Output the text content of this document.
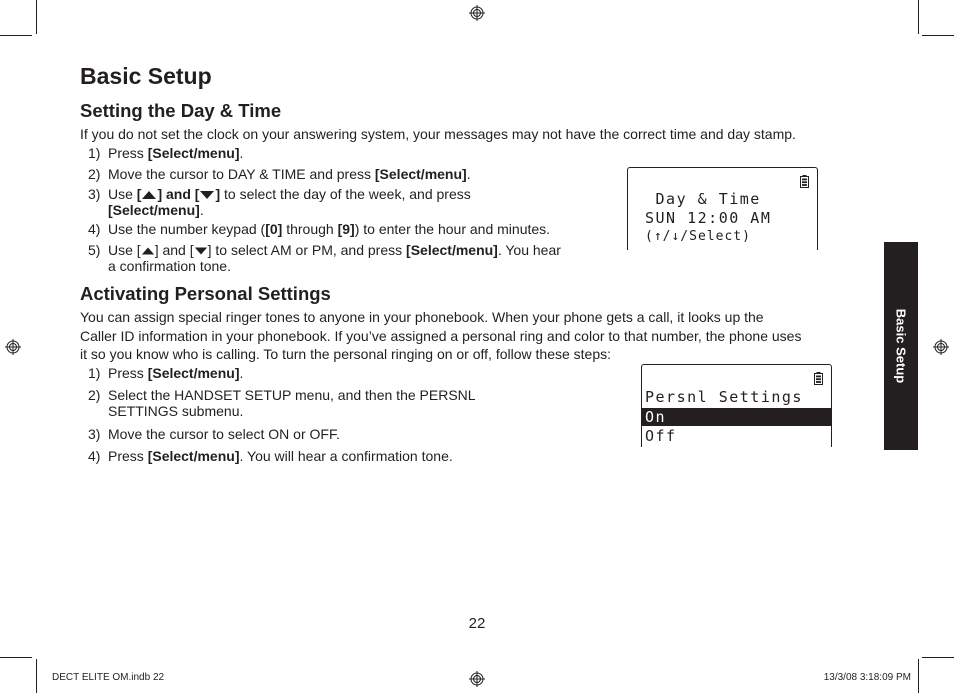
Basic Setup
Setting the Day & Time

If you do not set the clock on your answering system, your messages may not have the correct time and day stamp.

1) Press [Select/menu].
2) Move the cursor to DAY & TIME and press [Select/menu].
3) Use [ ] and [ ] to select the day of the week, and press
[Select/menu].
4) Use the number keypad ([0] through [9]) to enter the hour and minutes.
5) Use [ ] and [ ] to select AM or PM, and press [Select/menu]. You hear
a confirmation tone.
Day & Time
SUN 12:00 AM
(↑/↓/Select)
Activating Personal Settings
You can assign special ringer tones to anyone in your phonebook. When your phone gets a call, it looks up the
Caller ID information in your phonebook. If you’ve assigned a personal ring and color to that number, the phone uses
it so you know who is calling. To turn the personal ringing on or off, follow these steps:
1) Press [Select/menu].
2) Select the HANDSET SETUP menu, and then the PERSNL
SETTINGS submenu.
3) Move the cursor to select ON or OFF.
4) Press [Select/menu]. You will hear a confirmation tone.
Persnl Settings
On
Off
Basic Setup
22
DECT ELITE OM.indb 22	13/3/08 3:18:09 PM
